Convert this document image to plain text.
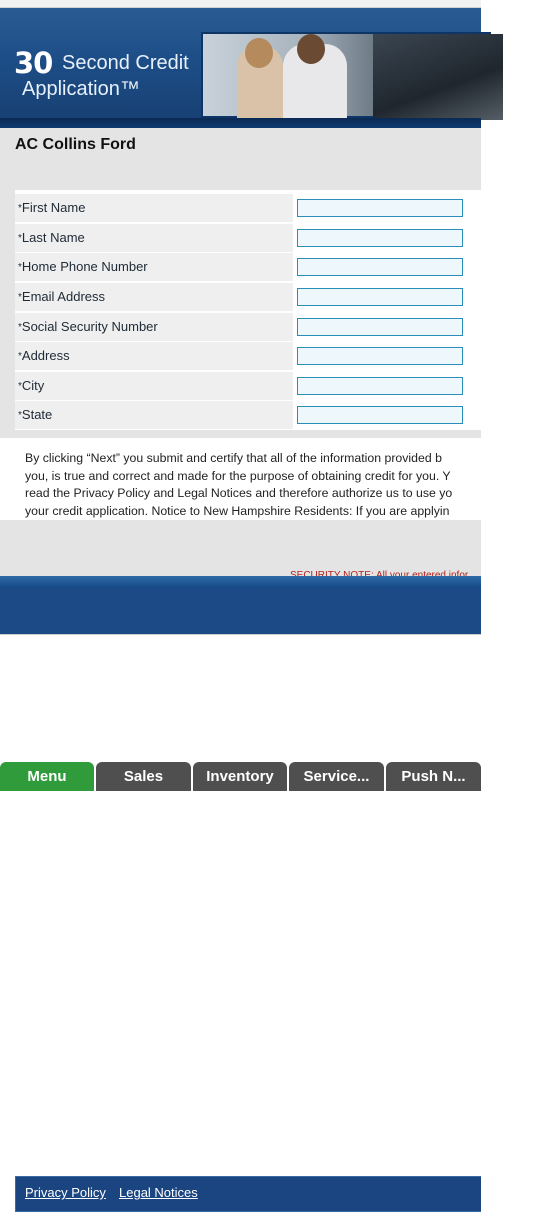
30 Second Credit
Application™
AC Collins Ford
*First Name
*Last Name
*Home Phone Number
*Email Address
*Social Security Number
*Address
*City
*State

By clicking “Next” you submit and certify that all of the information provided b
you, is true and correct and made for the purpose of obtaining credit for you. Y
read the Privacy Policy and Legal Notices and therefore authorize us to use yo
your credit application. Notice to New Hampshire Residents: If you are applyin

Privacy Policy Legal Notices
Menu	Sales	Inventory	Service...	Push N...
